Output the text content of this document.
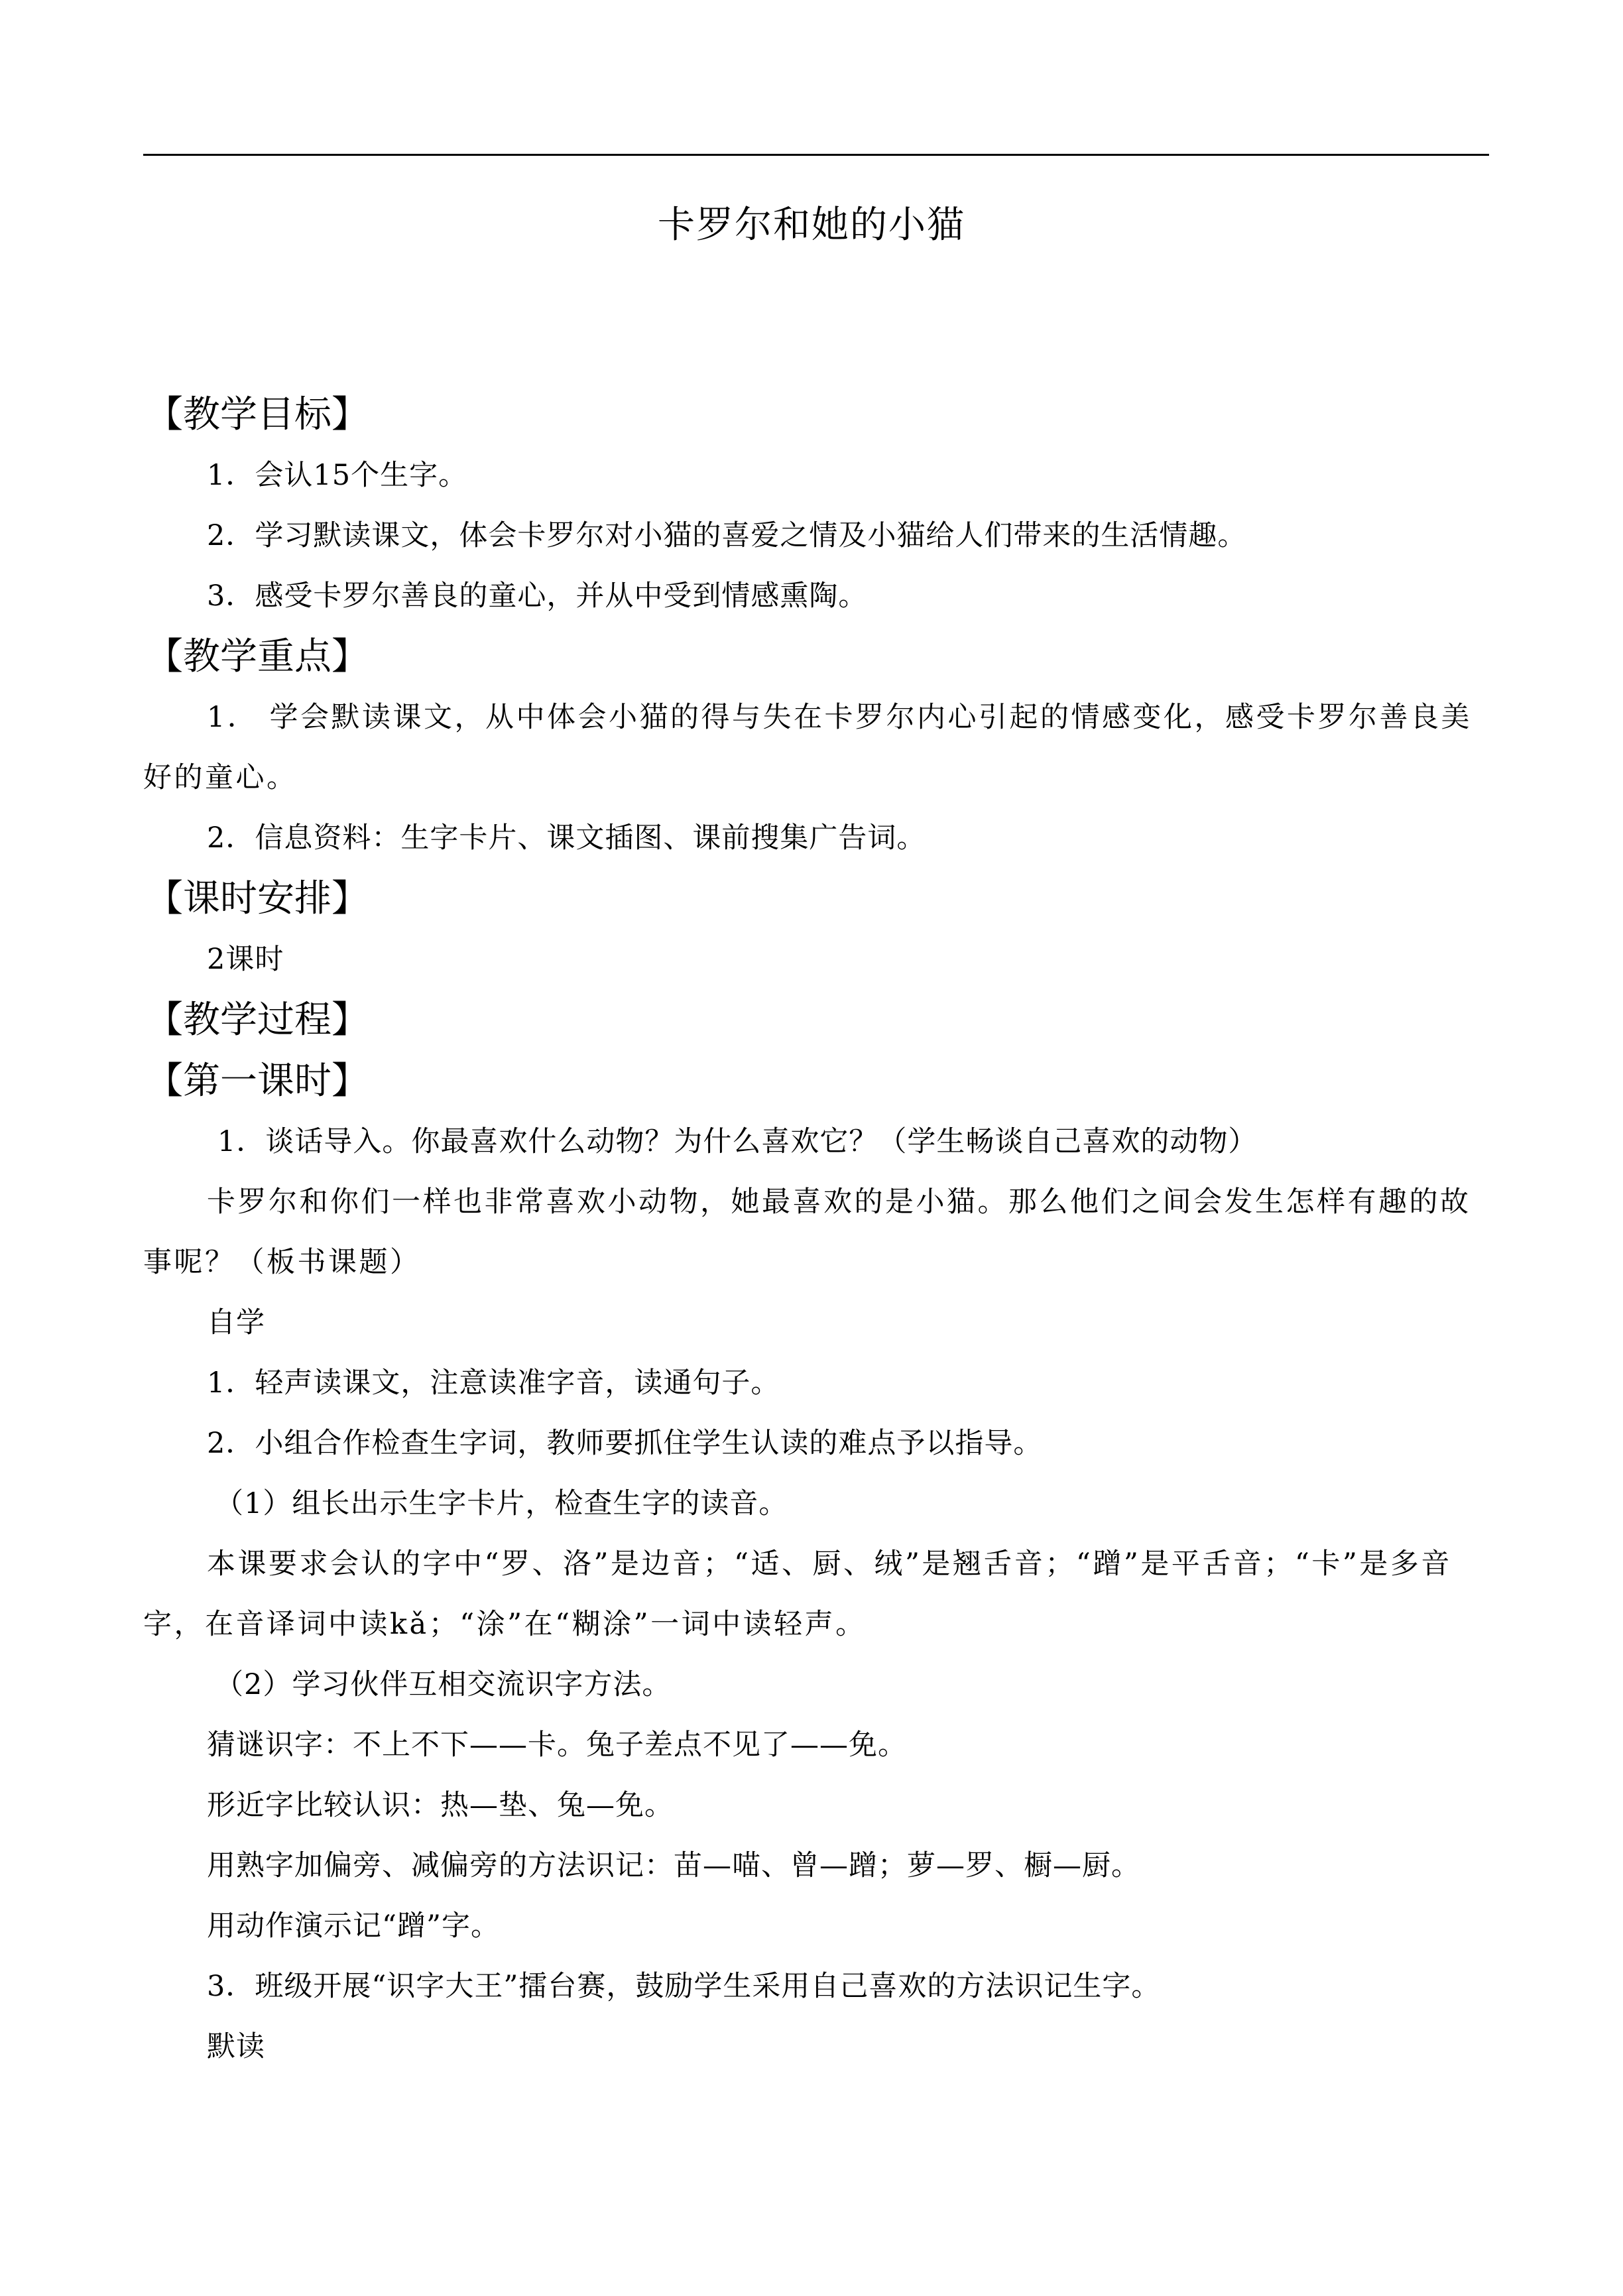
卡罗尔和她的小猫
【教学目标】
1．会认15个生字。
2．学习默读课文，体会卡罗尔对小猫的喜爱之情及小猫给人们带来的生活情趣。
3．感受卡罗尔善良的童心，并从中受到情感熏陶。
【教学重点】
1． 学会默读课文，从中体会小猫的得与失在卡罗尔内心引起的情感变化，感受卡罗尔善良美好的童心。
2．信息资料：生字卡片、课文插图、课前搜集广告词。
【课时安排】
2课时
【教学过程】
【第一课时】
1．谈话导入。你最喜欢什么动物？为什么喜欢它？（学生畅谈自己喜欢的动物）
卡罗尔和你们一样也非常喜欢小动物，她最喜欢的是小猫。那么他们之间会发生怎样有趣的故事呢？（板书课题）
自学
1．轻声读课文，注意读准字音，读通句子。
2．小组合作检查生字词，教师要抓住学生认读的难点予以指导。
（1）组长出示生字卡片，检查生字的读音。
本课要求会认的字中“罗、洛”是边音；“适、厨、绒”是翘舌音；“蹭”是平舌音；“卡”是多音字，在音译词中读kǎ；“涂”在“糊涂”一词中读轻声。
（2）学习伙伴互相交流识字方法。
猜谜识字：不上不下——卡。兔子差点不见了——免。
形近字比较认识：热—垫、兔—免。
用熟字加偏旁、减偏旁的方法识记：苗—喵、曾—蹭；萝—罗、橱—厨。
用动作演示记“蹭”字。
3．班级开展“识字大王”擂台赛，鼓励学生采用自己喜欢的方法识记生字。
默读
